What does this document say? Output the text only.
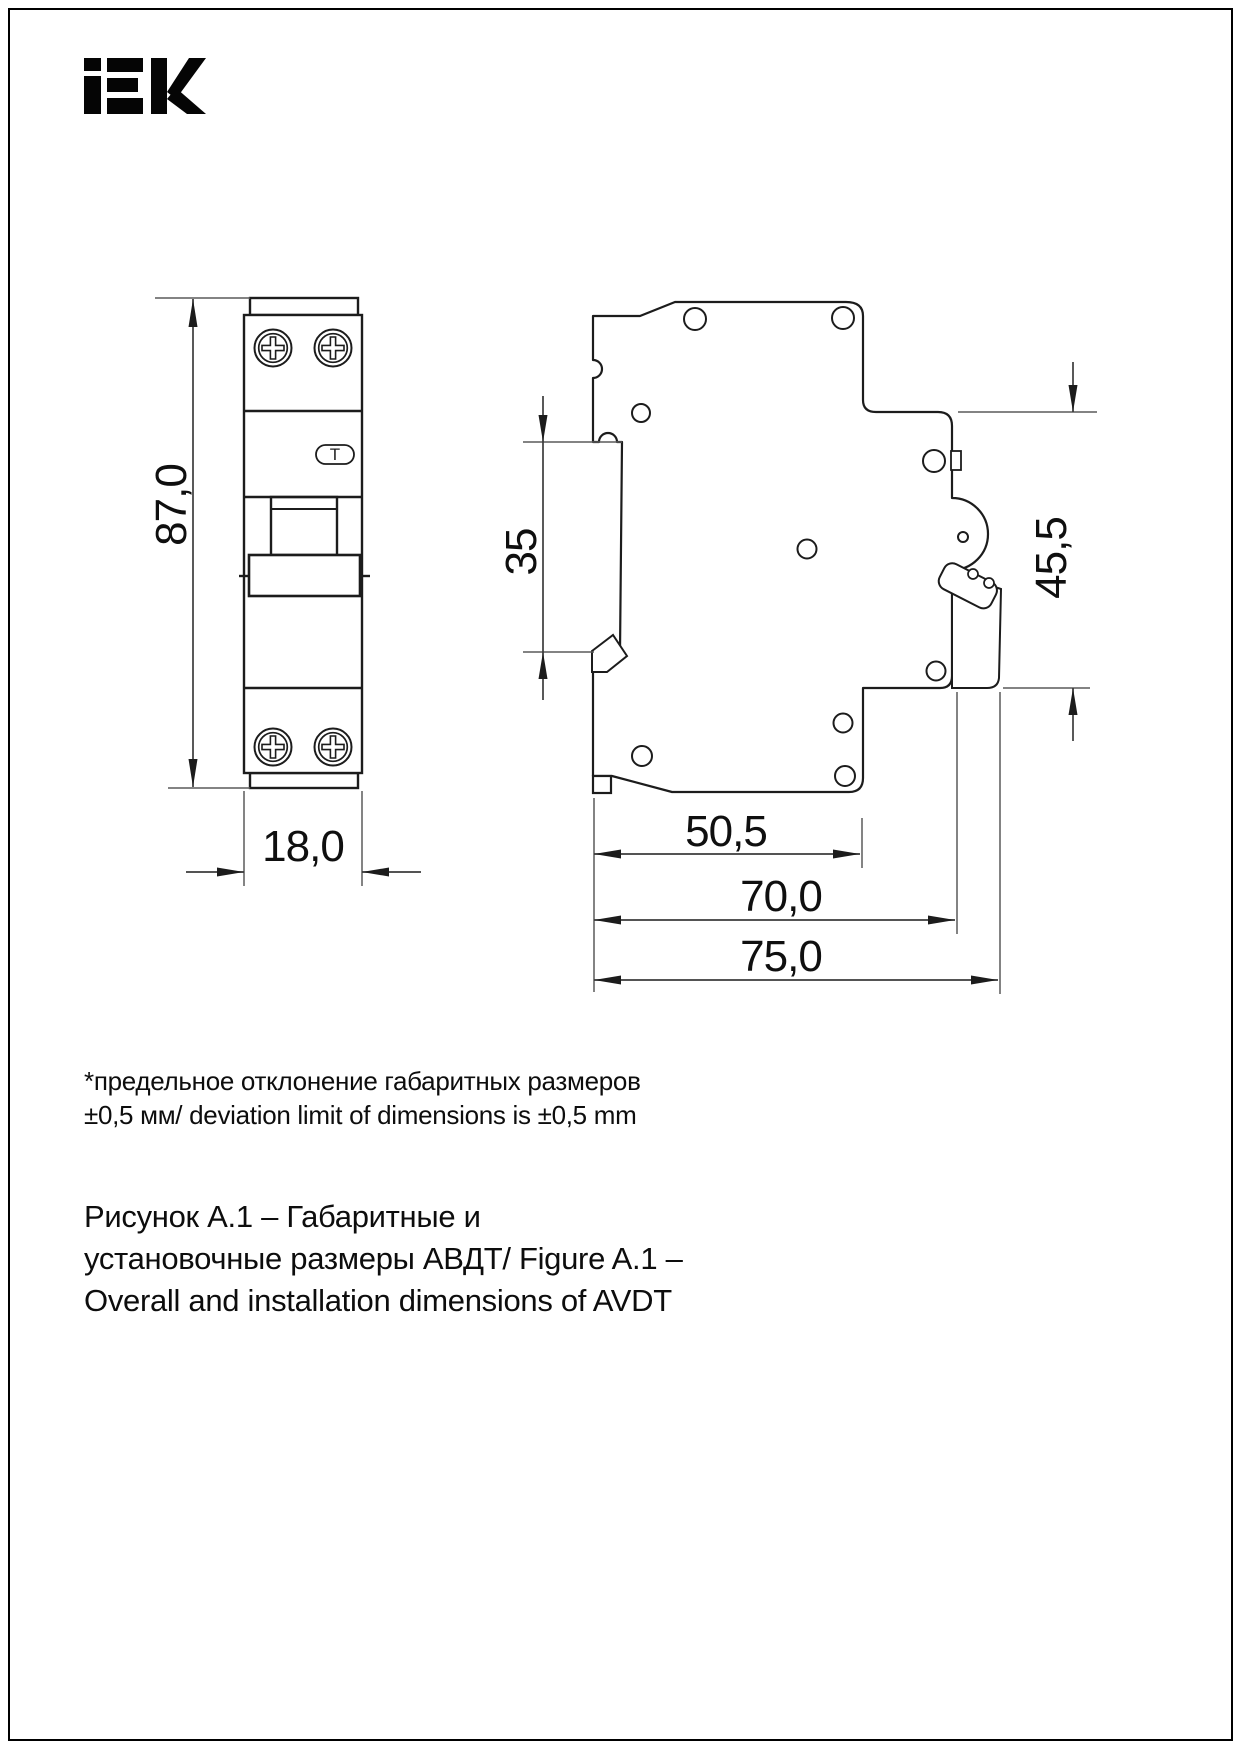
Т
87,0
18,0
35	45,5
50,5
70,0
75,0
*предельное отклонение габаритных размеров
±0,5 мм/ deviation limit of dimensions is ±0,5 mm
Рисунок А.1 – Габаритные и
установочные размеры АВДТ/ Figure A.1 –
Overall and installation dimensions of AVDT
